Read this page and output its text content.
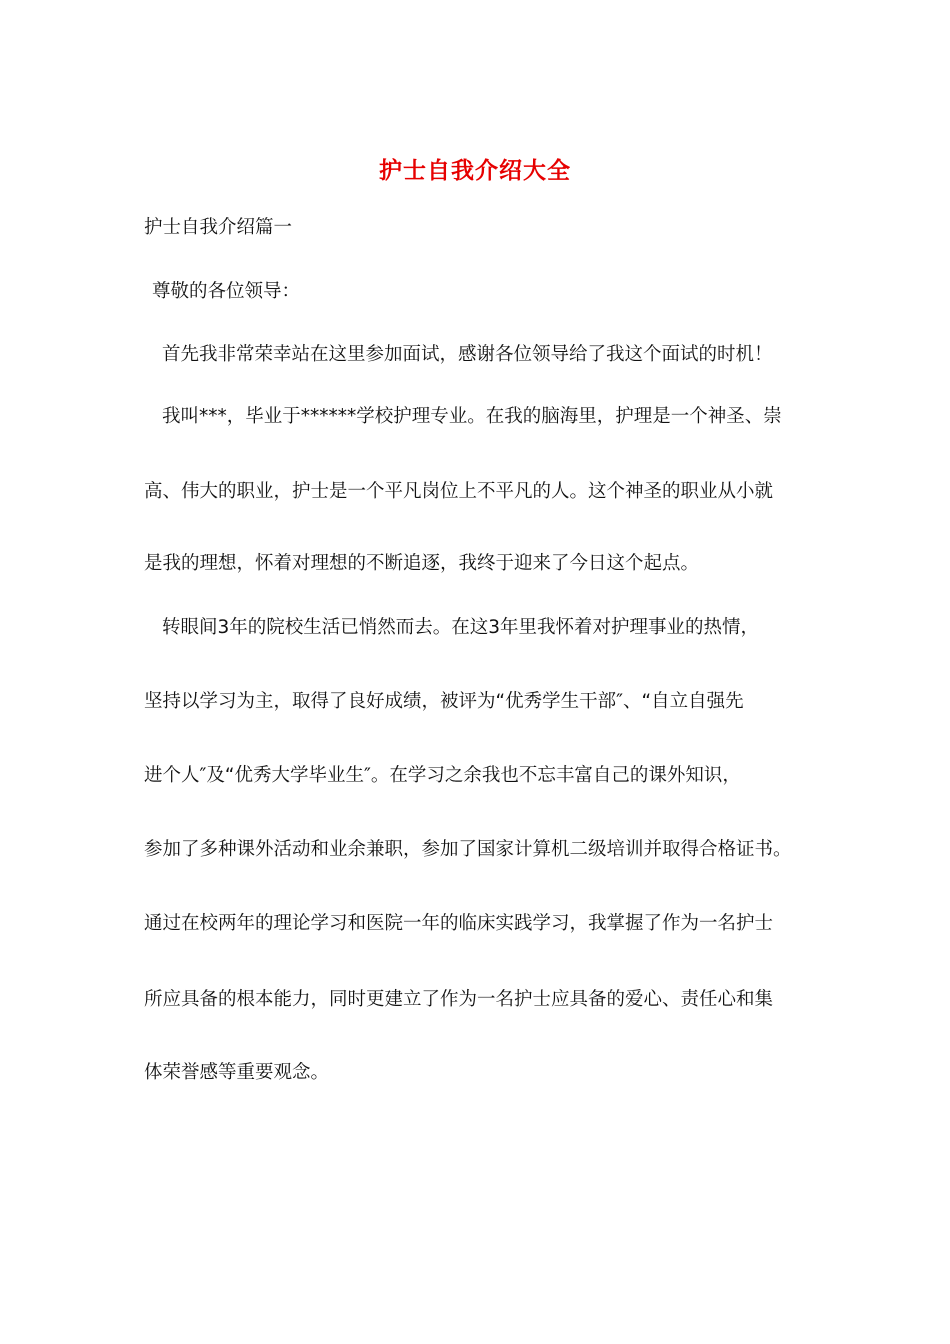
护士自我介绍大全
护士自我介绍篇一
尊敬的各位领导：
首先我非常荣幸站在这里参加面试，感谢各位领导给了我这个面试的时机！
我叫***，毕业于******学校护理专业。在我的脑海里，护理是一个神圣、崇
高、伟大的职业，护士是一个平凡岗位上不平凡的人。这个神圣的职业从小就
是我的理想，怀着对理想的不断追逐，我终于迎来了今日这个起点。
转眼间3年的院校生活已悄然而去。在这3年里我怀着对护理事业的热情，
坚持以学习为主，取得了良好成绩，被评为“优秀学生干部″、“自立自强先
进个人″及“优秀大学毕业生″。在学习之余我也不忘丰富自己的课外知识，
参加了多种课外活动和业余兼职，参加了国家计算机二级培训并取得合格证书。
通过在校两年的理论学习和医院一年的临床实践学习，我掌握了作为一名护士
所应具备的根本能力，同时更建立了作为一名护士应具备的爱心、责任心和集
体荣誉感等重要观念。
